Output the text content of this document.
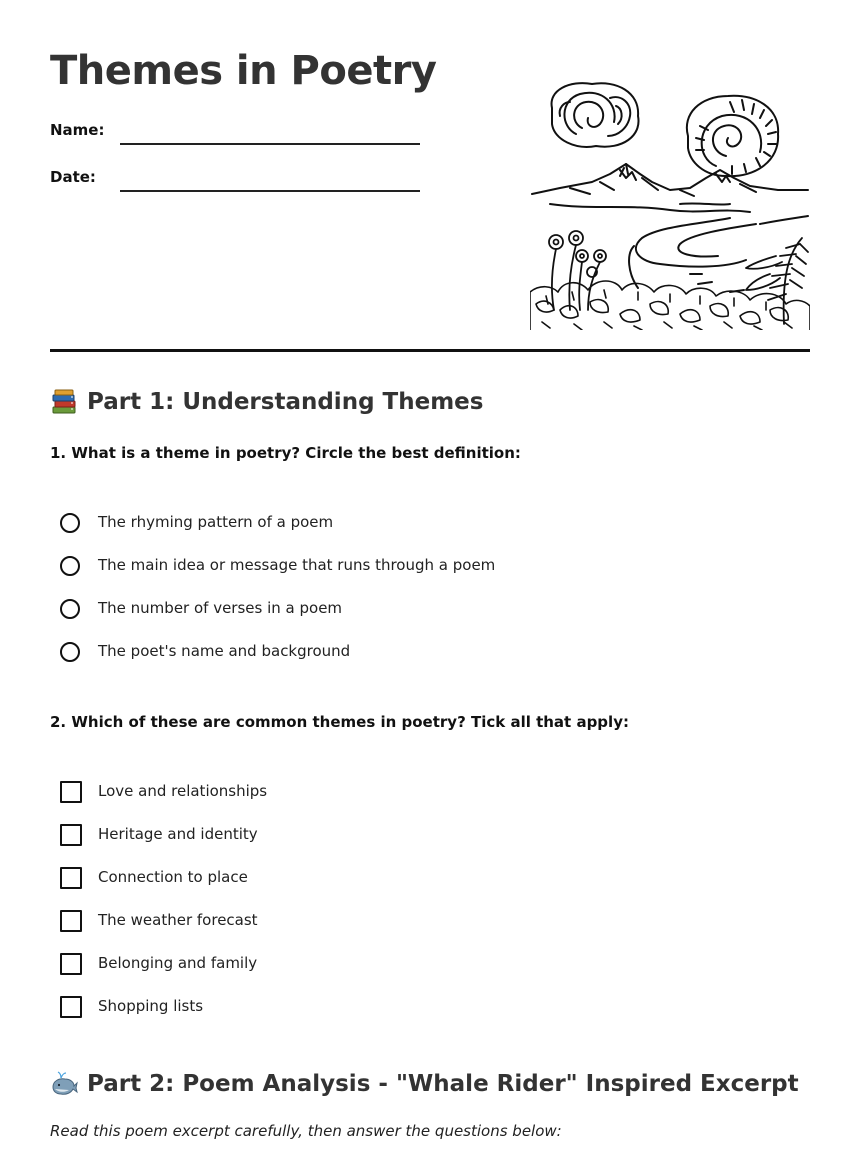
Themes in Poetry
Name:
Date:
Part 1: Understanding Themes
1. What is a theme in poetry? Circle the best definition:
The rhyming pattern of a poem
The main idea or message that runs through a poem
The number of verses in a poem
The poet's name and background
2. Which of these are common themes in poetry? Tick all that apply:
Love and relationships
Heritage and identity
Connection to place
The weather forecast
Belonging and family
Shopping lists
Part 2: Poem Analysis - "Whale Rider" Inspired Excerpt
Read this poem excerpt carefully, then answer the questions below:
